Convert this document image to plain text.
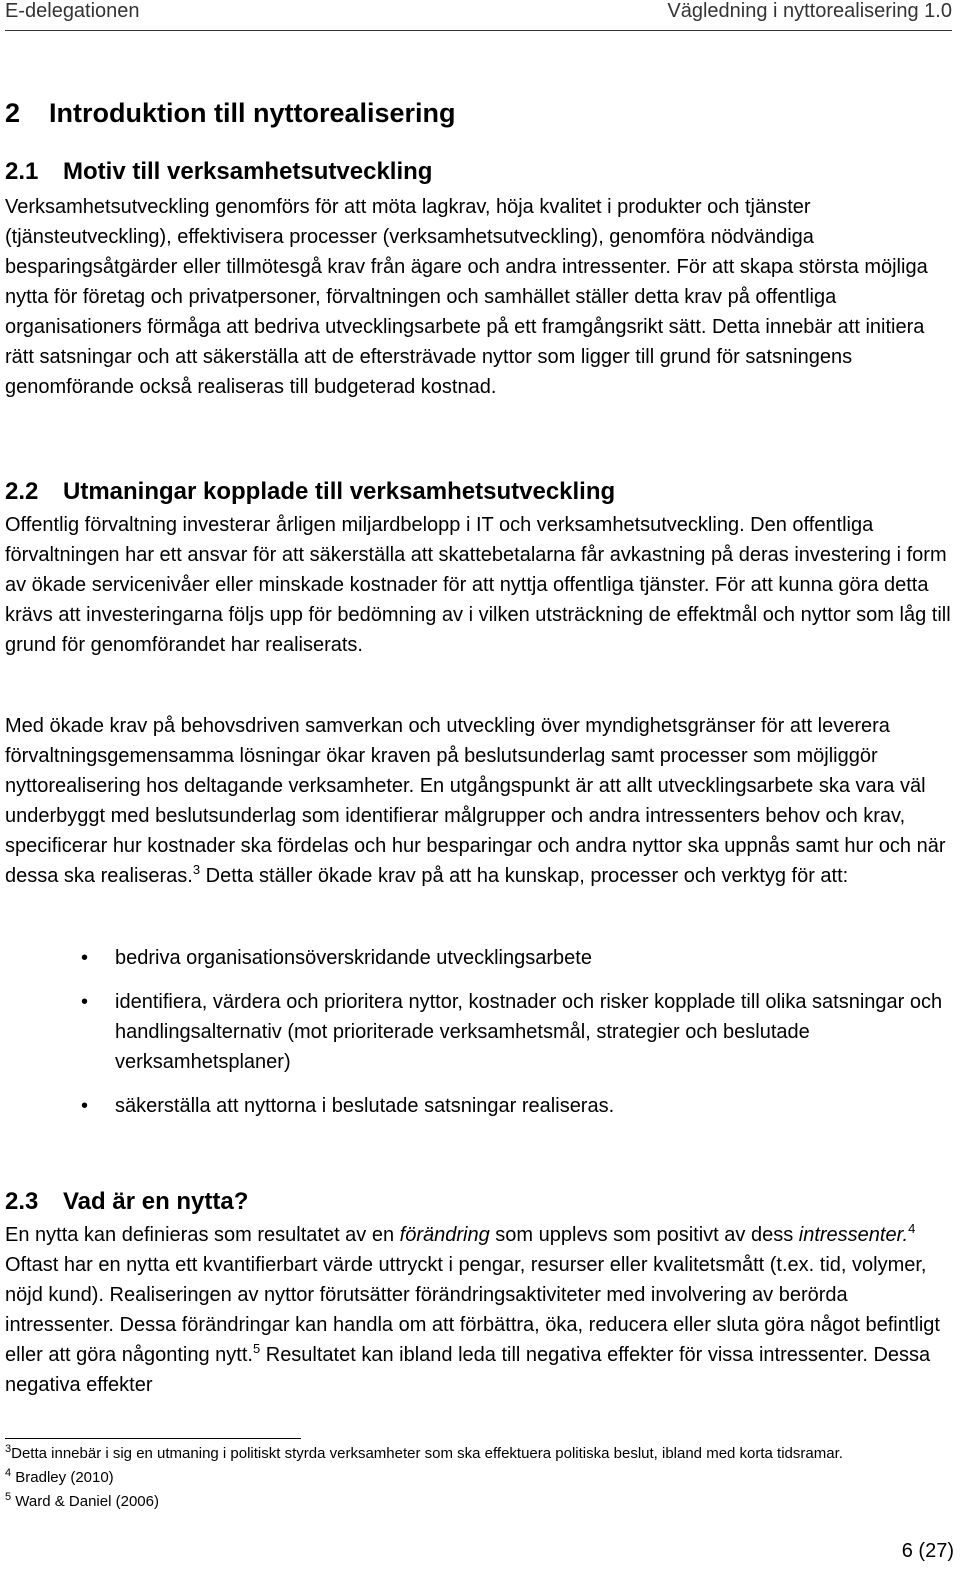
E-delegationen	Vägledning i nyttorealisering 1.0
2 Introduktion till nyttorealisering
2.1 Motiv till verksamhetsutveckling

Verksamhetsutveckling genomförs för att möta lagkrav, höja kvalitet i produkter och tjänster (tjänsteutveckling), effektivisera processer (verksamhetsutveckling), genomföra nödvändiga besparingsåtgärder eller tillmötesgå krav från ägare och andra intressenter. För att skapa största möjliga nytta för företag och privatpersoner, förvaltningen och samhället ställer detta krav på offentliga organisationers förmåga att bedriva utvecklingsarbete på ett framgångsrikt sätt. Detta innebär att initiera rätt satsningar och att säkerställa att de eftersträvade nyttor som ligger till grund för satsningens genomförande också realiseras till budgeterad kostnad.

2.2 Utmaningar kopplade till verksamhetsutveckling

Offentlig förvaltning investerar årligen miljardbelopp i IT och verksamhetsutveckling. Den offentliga förvaltningen har ett ansvar för att säkerställa att skattebetalarna får avkastning på deras investering i form av ökade servicenivåer eller minskade kostnader för att nyttja offentliga tjänster. För att kunna göra detta krävs att investeringarna följs upp för bedömning av i vilken utsträckning de effektmål och nyttor som låg till grund för genomförandet har realiserats.

Med ökade krav på behovsdriven samverkan och utveckling över myndighetsgränser för att leverera förvaltningsgemensamma lösningar ökar kraven på beslutsunderlag samt processer som möjliggör nyttorealisering hos deltagande verksamheter. En utgångspunkt är att allt utvecklingsarbete ska vara väl underbyggt med beslutsunderlag som identifierar målgrupper och andra intressenters behov och krav, specificerar hur kostnader ska fördelas och hur besparingar och andra nyttor ska uppnås samt hur och när dessa ska realiseras.$^3$ Detta ställer ökade krav på att ha kunskap, processer och verktyg för att:

• bedriva organisationsöverskridande utvecklingsarbete
• identifiera, värdera och prioritera nyttor, kostnader och risker kopplade till olika satsningar och handlingsalternativ (mot prioriterade verksamhetsmål, strategier och beslutade verksamhetsplaner)
• säkerställa att nyttorna i beslutade satsningar realiseras.
2.3 Vad är en nytta?

En nytta kan definieras som resultatet av en förändring som upplevs som positivt av dess intressenter.$^4$ Oftast har en nytta ett kvantifierbart värde uttryckt i pengar, resurser eller kvalitetsmått (t.ex. tid, volymer, nöjd kund). Realiseringen av nyttor förutsätter förändringsaktiviteter med involvering av berörda intressenter. Dessa förändringar kan handla om att förbättra, öka, reducera eller sluta göra något befintligt eller att göra någonting nytt.$^5$ Resultatet kan ibland leda till negativa effekter för vissa intressenter. Dessa negativa effekter

$^3$Detta innebär i sig en utmaning i politiskt styrda verksamheter som ska effektuera politiska beslut, ibland med korta tidsramar.
$^4$ Bradley (2010)
$^5$ Ward & Daniel (2006)
6 (27)
